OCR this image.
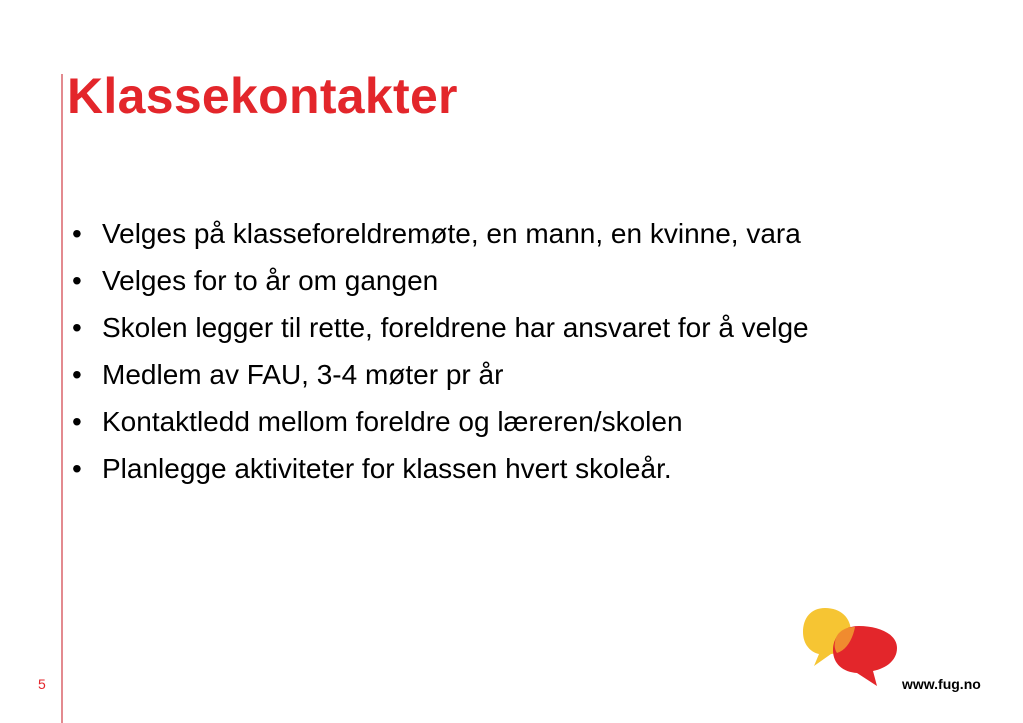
Klassekontakter
• Velges på klasseforeldremøte, en mann, en kvinne, vara
• Velges for to år om gangen
• Skolen legger til rette, foreldrene har ansvaret for å velge
• Medlem av FAU, 3-4 møter pr år
• Kontaktledd mellom foreldre og læreren/skolen
• Planlegge aktiviteter for klassen hvert skoleår.
5	www.fug.no
